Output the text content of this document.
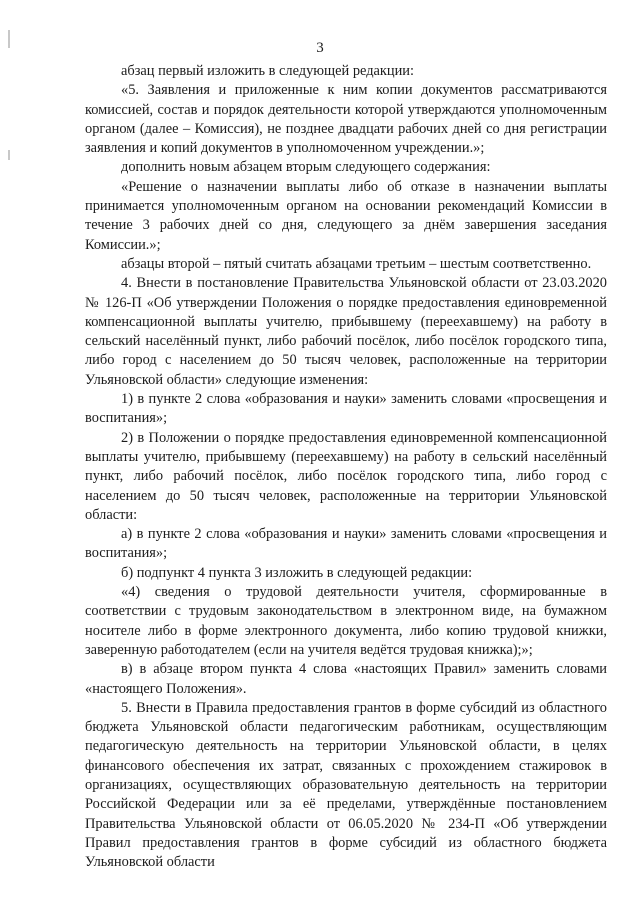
3

абзац первый изложить в следующей редакции:

«5. Заявления и приложенные к ним копии документов рассматриваются комиссией, состав и порядок деятельности которой утверждаются уполномоченным органом (далее – Комиссия), не позднее двадцати рабочих дней со дня регистрации заявления и копий документов в уполномоченном учреждении.»;

дополнить новым абзацем вторым следующего содержания:

«Решение о назначении выплаты либо об отказе в назначении выплаты принимается уполномоченным органом на основании рекомендаций Комиссии в течение 3 рабочих дней со дня, следующего за днём завершения заседания Комиссии.»;

абзацы второй – пятый считать абзацами третьим – шестым соответственно.

4. Внести в постановление Правительства Ульяновской области от 23.03.2020 № 126-П «Об утверждении Положения о порядке предоставления единовременной компенсационной выплаты учителю, прибывшему (переехавшему) на работу в сельский населённый пункт, либо рабочий посёлок, либо посёлок городского типа, либо город с населением до 50 тысяч человек, расположенные на территории Ульяновской области» следующие изменения:

1) в пункте 2 слова «образования и науки» заменить словами «просвещения и воспитания»;

2) в Положении о порядке предоставления единовременной компенсационной выплаты учителю, прибывшему (переехавшему) на работу в сельский населённый пункт, либо рабочий посёлок, либо посёлок городского типа, либо город с населением до 50 тысяч человек, расположенные на территории Ульяновской области:

а) в пункте 2 слова «образования и науки» заменить словами «просвещения и воспитания»;

б) подпункт 4 пункта 3 изложить в следующей редакции:

«4) сведения о трудовой деятельности учителя, сформированные в соответствии с трудовым законодательством в электронном виде, на бумажном носителе либо в форме электронного документа, либо копию трудовой книжки, заверенную работодателем (если на учителя ведётся трудовая книжка);»;

в) в абзаце втором пункта 4 слова «настоящих Правил» заменить словами «настоящего Положения».

5. Внести в Правила предоставления грантов в форме субсидий из областного бюджета Ульяновской области педагогическим работникам, осуществляющим педагогическую деятельность на территории Ульяновской области, в целях финансового обеспечения их затрат, связанных с прохождением стажировок в организациях, осуществляющих образовательную деятельность на территории Российской Федерации или за её пределами, утверждённые постановлением Правительства Ульяновской области от 06.05.2020 № 234-П «Об утверждении Правил предоставления грантов в форме субсидий из областного бюджета Ульяновской области
